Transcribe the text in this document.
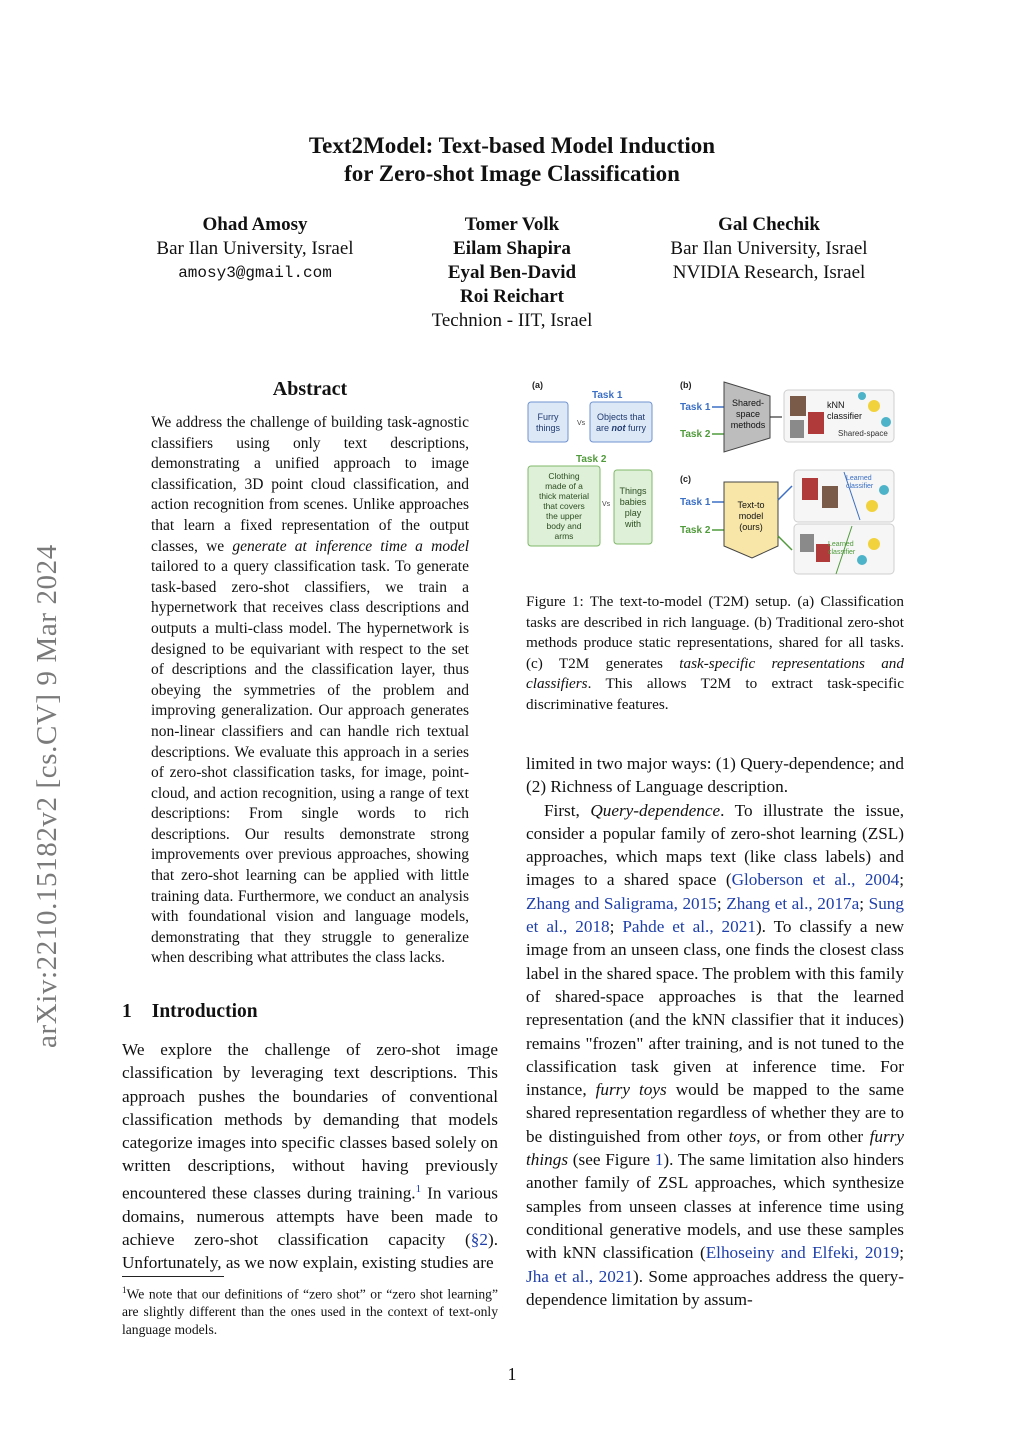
Text2Model: Text-based Model Induction
for Zero-shot Image Classification
Ohad Amosy
Bar Ilan University, Israel
amosy3@gmail.com
Tomer Volk
Eilam Shapira
Eyal Ben-David
Roi Reichart
Technion - IIT, Israel
Gal Chechik
Bar Ilan University, Israel
NVIDIA Research, Israel
arXiv:2210.15182v2 [cs.CV] 9 Mar 2024
Abstract
We address the challenge of building task-agnostic classifiers using only text descriptions, demonstrating a unified approach to image classification, 3D point cloud classification, and action recognition from scenes. Unlike approaches that learn a fixed representation of the output classes, we generate at inference time a model tailored to a query classification task. To generate task-based zero-shot classifiers, we train a hypernetwork that receives class descriptions and outputs a multi-class model. The hypernetwork is designed to be equivariant with respect to the set of descriptions and the classification layer, thus obeying the symmetries of the problem and improving generalization. Our approach generates non-linear classifiers and can handle rich textual descriptions. We evaluate this approach in a series of zero-shot classification tasks, for image, point-cloud, and action recognition, using a range of text descriptions: From single words to rich descriptions. Our results demonstrate strong improvements over previous approaches, showing that zero-shot learning can be applied with little training data. Furthermore, we conduct an analysis with foundational vision and language models, demonstrating that they struggle to generalize when describing what attributes the class lacks.
1 Introduction
We explore the challenge of zero-shot image classification by leveraging text descriptions. This approach pushes the boundaries of conventional classification methods by demanding that models categorize images into specific classes based solely on written descriptions, without having previously encountered these classes during training.$^1$ In various domains, numerous attempts have been made to achieve zero-shot classification capacity (§2). Unfortunately, as we now explain, existing studies are
$^1$We note that our definitions of “zero shot” or “zero shot learning” are slightly different than the ones used in the context of text-only language models.
(a)
Task 1
Furry
things Vs
Objects that
are not furry
Task 2
Clothing
made of a
thick material
that covers
the upper
body and
arms
Vs
Things
babies
play
with
(b)
Task 1
Task 2
Shared-
space
methods
kNN
classifier
Shared-space
(c)
Task 1
Task 2
Text-to
model
(ours)
Learned
classifier
Learned
classifier
Figure 1: The text-to-model (T2M) setup. (a) Classification tasks are described in rich language. (b) Traditional zero-shot methods produce static representations, shared for all tasks. (c) T2M generates task-specific representations and classifiers. This allows T2M to extract task-specific discriminative features.

limited in two major ways: (1) Query-dependence; and (2) Richness of Language description.

First, Query-dependence. To illustrate the issue, consider a popular family of zero-shot learning (ZSL) approaches, which maps text (like class labels) and images to a shared space (Globerson et al., 2004; Zhang and Saligrama, 2015; Zhang et al., 2017a; Sung et al., 2018; Pahde et al., 2021). To classify a new image from an unseen class, one finds the closest class label in the shared space. The problem with this family of shared-space approaches is that the learned representation (and the kNN classifier that it induces) remains "frozen" after training, and is not tuned to the classification task given at inference time. For instance, furry toys would be mapped to the same shared representation regardless of whether they are to be distinguished from other toys, or from other furry things (see Figure 1). The same limitation also hinders another family of ZSL approaches, which synthesize samples from unseen classes at inference time using conditional generative models, and use these samples with kNN classification (Elhoseiny and Elfeki, 2019; Jha et al., 2021). Some approaches address the query-dependence limitation by assum-

1
